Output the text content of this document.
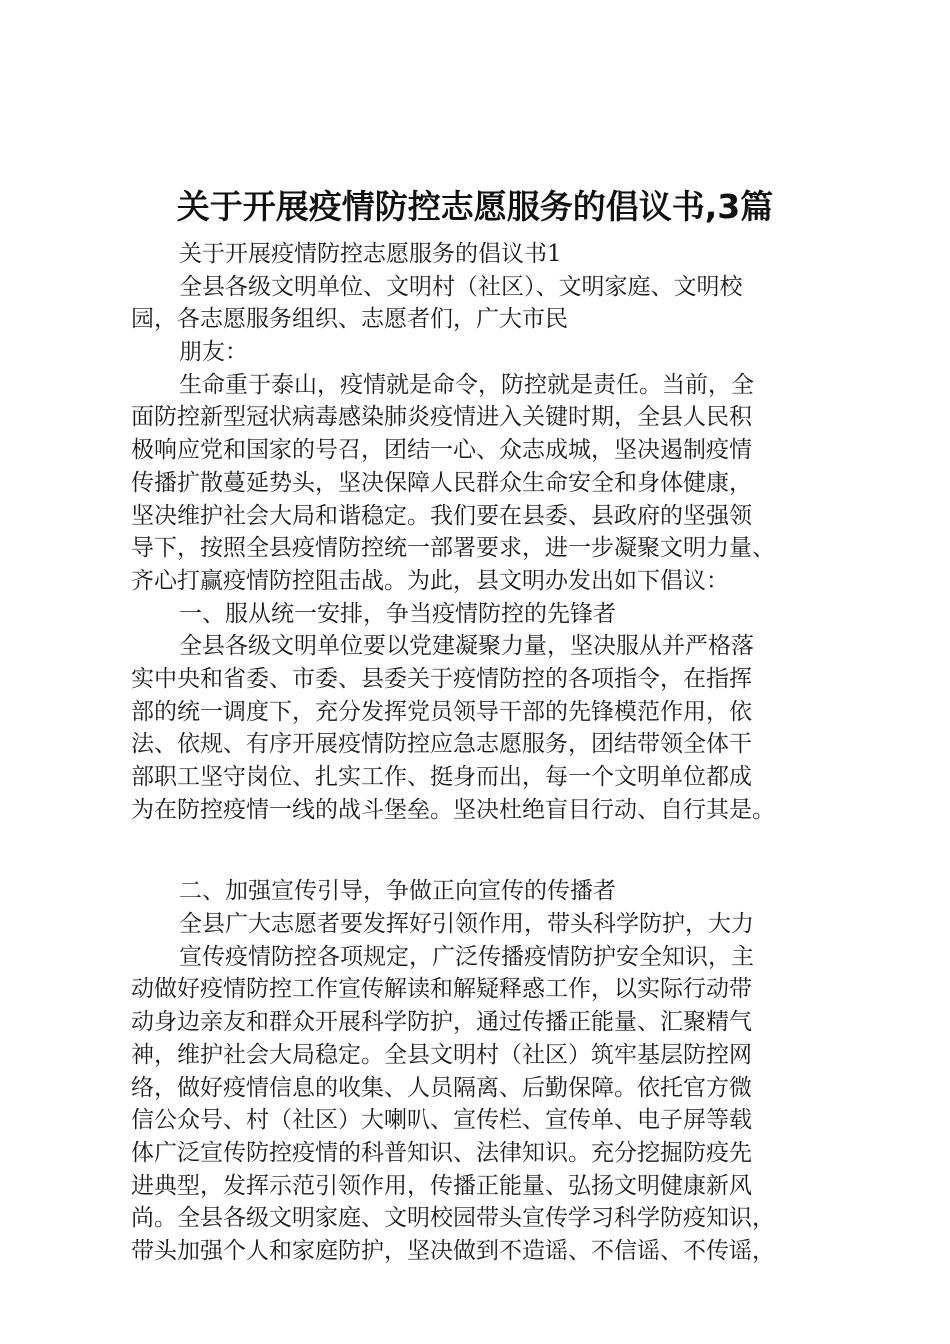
关于开展疫情防控志愿服务的倡议书,3篇
关于开展疫情防控志愿服务的倡议书1
全县各级文明单位、文明村（社区）、文明家庭、文明校
园，各志愿服务组织、志愿者们，广大市民
朋友：
生命重于泰山，疫情就是命令，防控就是责任。当前，全
面防控新型冠状病毒感染肺炎疫情进入关键时期，全县人民积
极响应党和国家的号召，团结一心、众志成城，坚决遏制疫情
传播扩散蔓延势头，坚决保障人民群众生命安全和身体健康，
坚决维护社会大局和谐稳定。我们要在县委、县政府的坚强领
导下，按照全县疫情防控统一部署要求，进一步凝聚文明力量、
齐心打赢疫情防控阻击战。为此，县文明办发出如下倡议：
一、服从统一安排，争当疫情防控的先锋者
全县各级文明单位要以党建凝聚力量，坚决服从并严格落
实中央和省委、市委、县委关于疫情防控的各项指令，在指挥
部的统一调度下，充分发挥党员领导干部的先锋模范作用，依
法、依规、有序开展疫情防控应急志愿服务，团结带领全体干
部职工坚守岗位、扎实工作、挺身而出，每一个文明单位都成
为在防控疫情一线的战斗堡垒。坚决杜绝盲目行动、自行其是。
二、加强宣传引导，争做正向宣传的传播者
全县广大志愿者要发挥好引领作用，带头科学防护，大力
宣传疫情防控各项规定，广泛传播疫情防护安全知识，主
动做好疫情防控工作宣传解读和解疑释惑工作，以实际行动带
动身边亲友和群众开展科学防护，通过传播正能量、汇聚精气
神，维护社会大局稳定。全县文明村（社区）筑牢基层防控网
络，做好疫情信息的收集、人员隔离、后勤保障。依托官方微
信公众号、村（社区）大喇叭、宣传栏、宣传单、电子屏等载
体广泛宣传防控疫情的科普知识、法律知识。充分挖掘防疫先
进典型，发挥示范引领作用，传播正能量、弘扬文明健康新风
尚。全县各级文明家庭、文明校园带头宣传学习科学防疫知识，
带头加强个人和家庭防护，坚决做到不造谣、不信谣、不传谣，
